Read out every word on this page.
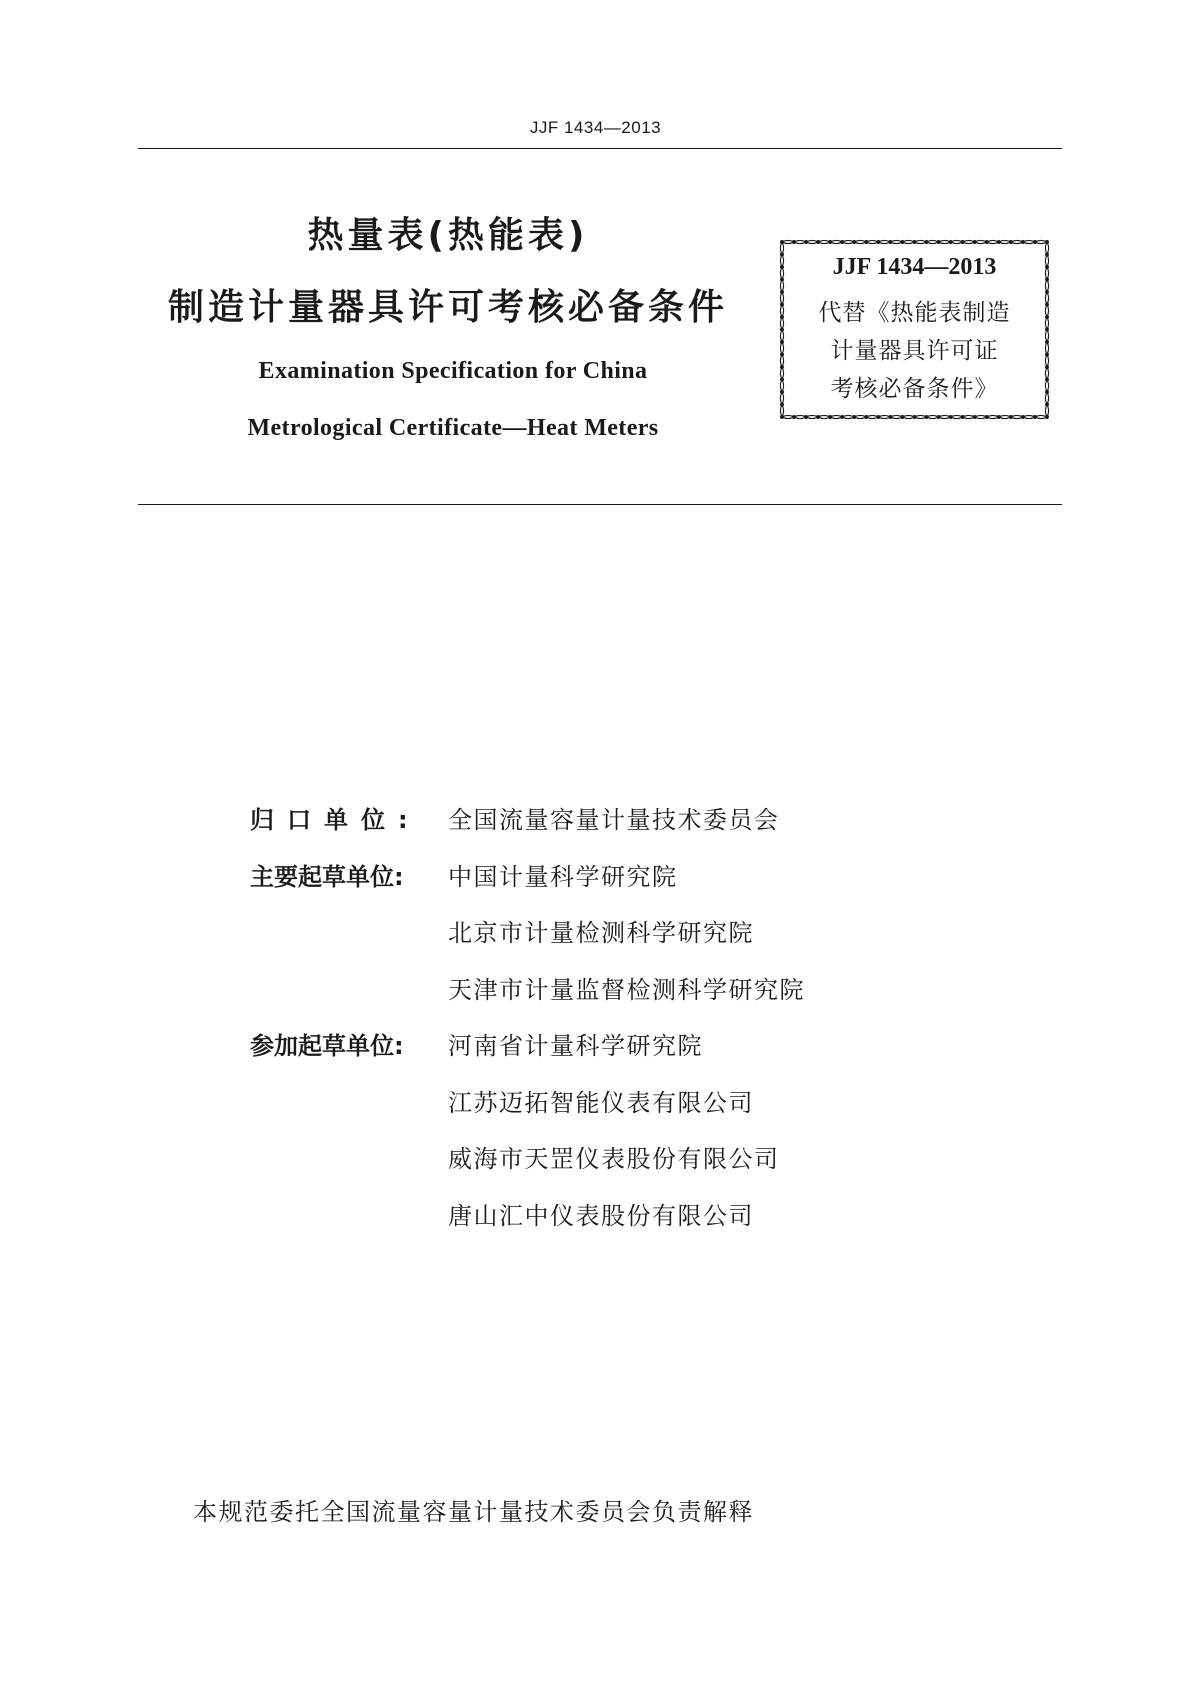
JJF 1434—2013
热量表(热能表)
制造计量器具许可考核必备条件
Examination Specification for China
Metrological Certificate—Heat Meters
JJF 1434—2013
代替《热能表制造
计量器具许可证
考核必备条件》
归口单位:	全国流量容量计量技术委员会
主要起草单位:	中国计量科学研究院
北京市计量检测科学研究院
天津市计量监督检测科学研究院
参加起草单位:	河南省计量科学研究院
江苏迈拓智能仪表有限公司
威海市天罡仪表股份有限公司
唐山汇中仪表股份有限公司
本规范委托全国流量容量计量技术委员会负责解释
